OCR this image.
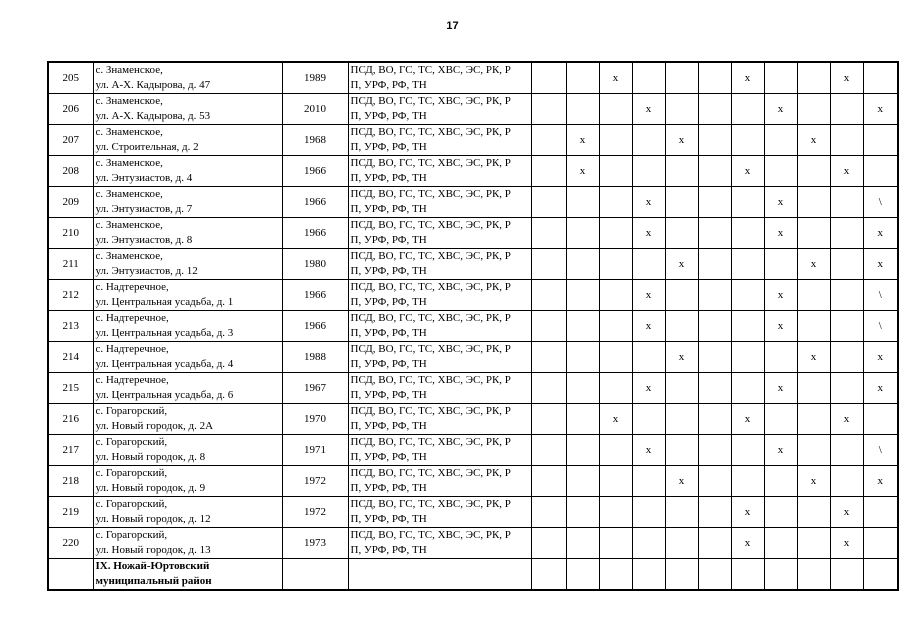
17
205	с. Знаменское,
ул. А-Х. Кадырова, д. 47	1989	ПСД, ВО, ГС, ТС, ХВС, ЭС, РК, Р
П, УРФ, РФ, ТН			х				х			х	
206	с. Знаменское,
ул. А-Х. Кадырова, д. 53	2010	ПСД, ВО, ГС, ТС, ХВС, ЭС, РК, Р
П, УРФ, РФ, ТН				х				х			х
207	с. Знаменское,
ул. Строительная, д. 2	1968	ПСД, ВО, ГС, ТС, ХВС, ЭС, РК, Р
П, УРФ, РФ, ТН		х			х				х		
208	с. Знаменское,
ул. Энтузиастов, д. 4	1966	ПСД, ВО, ГС, ТС, ХВС, ЭС, РК, Р
П, УРФ, РФ, ТН		х					х			х	
209	с. Знаменское,
ул. Энтузиастов, д. 7	1966	ПСД, ВО, ГС, ТС, ХВС, ЭС, РК, Р
П, УРФ, РФ, ТН				х				х			\
210	с. Знаменское,
ул. Энтузиастов, д. 8	1966	ПСД, ВО, ГС, ТС, ХВС, ЭС, РК, Р
П, УРФ, РФ, ТН				х				х			х
211	с. Знаменское,
ул. Энтузиастов, д. 12	1980	ПСД, ВО, ГС, ТС, ХВС, ЭС, РК, Р
П, УРФ, РФ, ТН					х				х		х
212	с. Надтеречное,
ул. Центральная усадьба, д. 1	1966	ПСД, ВО, ГС, ТС, ХВС, ЭС, РК, Р
П, УРФ, РФ, ТН				х				х			\
213	с. Надтеречное,
ул. Центральная усадьба, д. 3	1966	ПСД, ВО, ГС, ТС, ХВС, ЭС, РК, Р
П, УРФ, РФ, ТН				х				х			\
214	с. Надтеречное,
ул. Центральная усадьба, д. 4	1988	ПСД, ВО, ГС, ТС, ХВС, ЭС, РК, Р
П, УРФ, РФ, ТН					х				х		х
215	с. Надтеречное,
ул. Центральная усадьба, д. 6	1967	ПСД, ВО, ГС, ТС, ХВС, ЭС, РК, Р
П, УРФ, РФ, ТН				х				х			х
216	с. Горагорский,
ул. Новый городок, д. 2А	1970	ПСД, ВО, ГС, ТС, ХВС, ЭС, РК, Р
П, УРФ, РФ, ТН			х				х			х	
217	с. Горагорский,
ул. Новый городок, д. 8	1971	ПСД, ВО, ГС, ТС, ХВС, ЭС, РК, Р
П, УРФ, РФ, ТН				х				х			\
218	с. Горагорский,
ул. Новый городок, д. 9	1972	ПСД, ВО, ГС, ТС, ХВС, ЭС, РК, Р
П, УРФ, РФ, ТН					х				х		х
219	с. Горагорский,
ул. Новый городок, д. 12	1972	ПСД, ВО, ГС, ТС, ХВС, ЭС, РК, Р
П, УРФ, РФ, ТН							х			х	
220	с. Горагорский,
ул. Новый городок, д. 13	1973	ПСД, ВО, ГС, ТС, ХВС, ЭС, РК, Р
П, УРФ, РФ, ТН							х			х	
	IX. Ножай-Юртовский
муниципальный район													
